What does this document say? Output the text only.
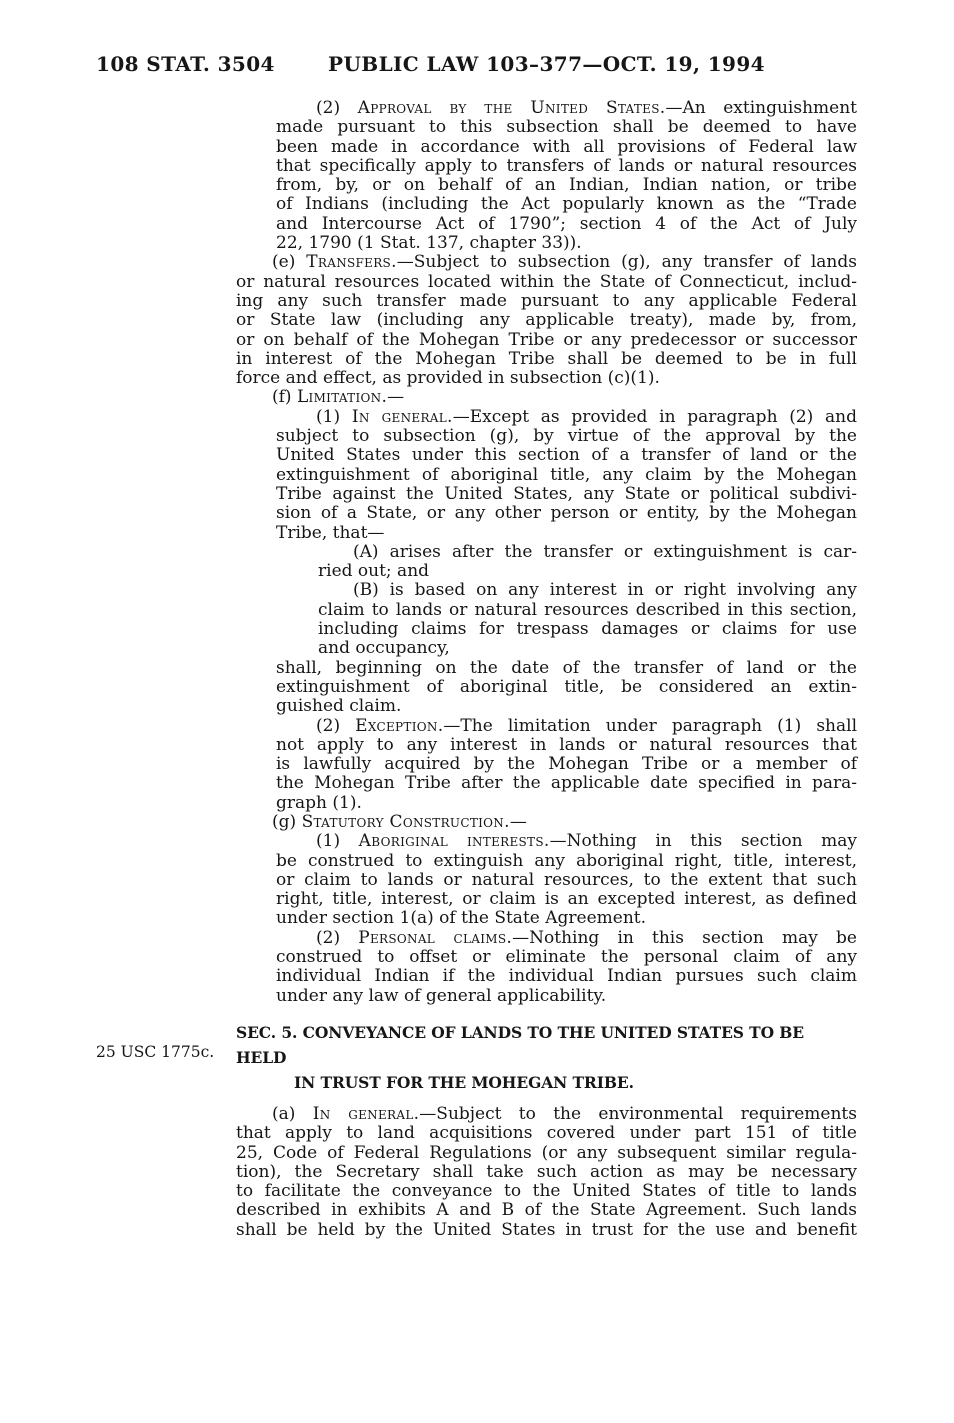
108 STAT. 3504	PUBLIC LAW 103–377—OCT. 19, 1994
25 USC 1775c.
(2) Approval by the United States.—An extinguishment
made pursuant to this subsection shall be deemed to have
been made in accordance with all provisions of Federal law
that specifically apply to transfers of lands or natural resources
from, by, or on behalf of an Indian, Indian nation, or tribe
of Indians (including the Act popularly known as the “Trade
and Intercourse Act of 1790”; section 4 of the Act of July
22, 1790 (1 Stat. 137, chapter 33)).
(e) Transfers.—Subject to subsection (g), any transfer of lands
or natural resources located within the State of Connecticut, includ-
ing any such transfer made pursuant to any applicable Federal
or State law (including any applicable treaty), made by, from,
or on behalf of the Mohegan Tribe or any predecessor or successor
in interest of the Mohegan Tribe shall be deemed to be in full
force and effect, as provided in subsection (c)(1).
(f) Limitation.—
(1) In general.—Except as provided in paragraph (2) and
subject to subsection (g), by virtue of the approval by the
United States under this section of a transfer of land or the
extinguishment of aboriginal title, any claim by the Mohegan
Tribe against the United States, any State or political subdivi-
sion of a State, or any other person or entity, by the Mohegan
Tribe, that—
(A) arises after the transfer or extinguishment is car-
ried out; and
(B) is based on any interest in or right involving any
claim to lands or natural resources described in this section,
including claims for trespass damages or claims for use
and occupancy,
shall, beginning on the date of the transfer of land or the
extinguishment of aboriginal title, be considered an extin-
guished claim.
(2) Exception.—The limitation under paragraph (1) shall
not apply to any interest in lands or natural resources that
is lawfully acquired by the Mohegan Tribe or a member of
the Mohegan Tribe after the applicable date specified in para-
graph (1).
(g) Statutory Construction.—
(1) Aboriginal interests.—Nothing in this section may
be construed to extinguish any aboriginal right, title, interest,
or claim to lands or natural resources, to the extent that such
right, title, interest, or claim is an excepted interest, as defined
under section 1(a) of the State Agreement.
(2) Personal claims.—Nothing in this section may be
construed to offset or eliminate the personal claim of any
individual Indian if the individual Indian pursues such claim
under any law of general applicability.
SEC. 5. CONVEYANCE OF LANDS TO THE UNITED STATES TO BE HELD
IN TRUST FOR THE MOHEGAN TRIBE.
(a) In general.—Subject to the environmental requirements
that apply to land acquisitions covered under part 151 of title
25, Code of Federal Regulations (or any subsequent similar regula-
tion), the Secretary shall take such action as may be necessary
to facilitate the conveyance to the United States of title to lands
described in exhibits A and B of the State Agreement. Such lands
shall be held by the United States in trust for the use and benefit
